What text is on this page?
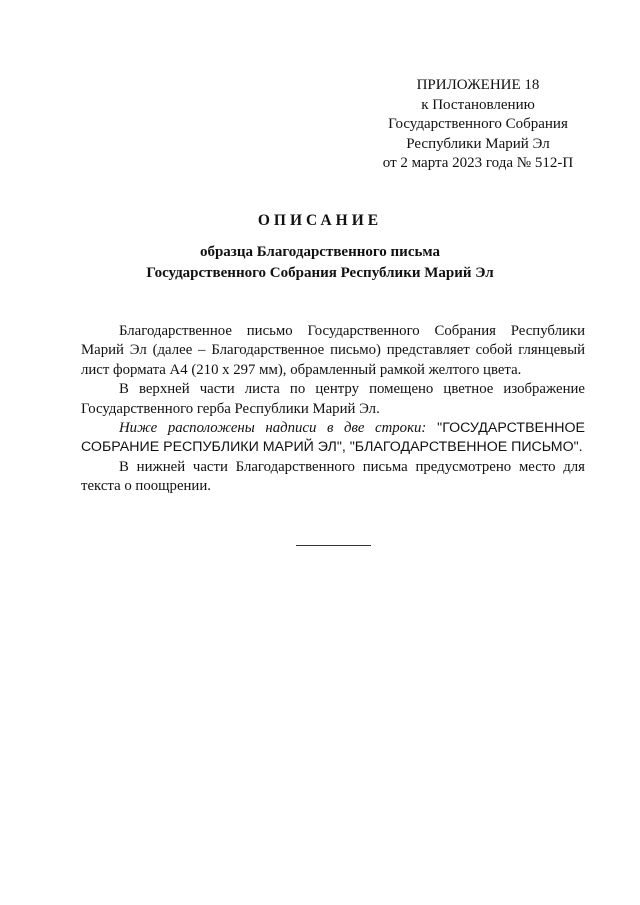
ПРИЛОЖЕНИЕ 18
к Постановлению
Государственного Собрания
Республики Марий Эл
от 2 марта 2023 года № 512-П
ОПИСАНИЕ
образца Благодарственного письма
Государственного Собрания Республики Марий Эл

Благодарственное письмо Государственного Собрания Республики Марий Эл (далее – Благодарственное письмо) представляет собой глянцевый лист формата А4 (210 х 297 мм), обрамленный рамкой желтого цвета.

В верхней части листа по центру помещено цветное изображение Государственного герба Республики Марий Эл.

Ниже расположены надписи в две строки: "ГОСУДАРСТВЕННОЕ СОБРАНИЕ РЕСПУБЛИКИ МАРИЙ ЭЛ", "БЛАГОДАРСТВЕННОЕ ПИСЬМО".

В нижней части Благодарственного письма предусмотрено место для текста о поощрении.
